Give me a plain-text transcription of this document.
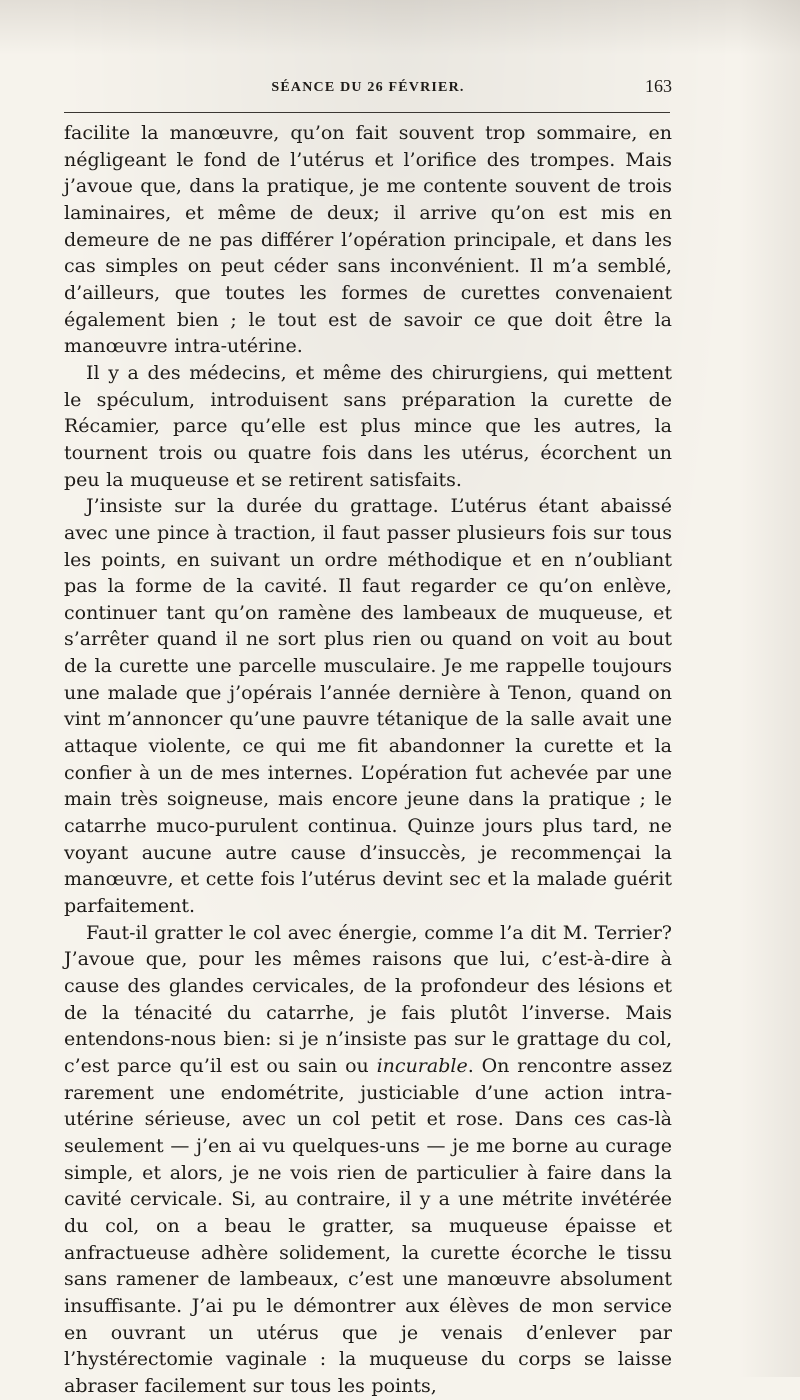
SÉANCE DU 26 FÉVRIER.	163

facilite la manœuvre, qu’on fait souvent trop sommaire, en négligeant le fond de l’utérus et l’orifice des trompes. Mais j’avoue que, dans la pratique, je me contente souvent de trois laminaires, et même de deux; il arrive qu’on est mis en demeure de ne pas différer l’opération principale, et dans les cas simples on peut céder sans inconvénient. Il m’a semblé, d’ailleurs, que toutes les formes de curettes convenaient également bien ; le tout est de savoir ce que doit être la manœuvre intra-utérine.

Il y a des médecins, et même des chirurgiens, qui mettent le spéculum, introduisent sans préparation la curette de Récamier, parce qu’elle est plus mince que les autres, la tournent trois ou quatre fois dans les utérus, écorchent un peu la muqueuse et se retirent satisfaits.

J’insiste sur la durée du grattage. L’utérus étant abaissé avec une pince à traction, il faut passer plusieurs fois sur tous les points, en suivant un ordre méthodique et en n’oubliant pas la forme de la cavité. Il faut regarder ce qu’on enlève, continuer tant qu’on ramène des lambeaux de muqueuse, et s’arrêter quand il ne sort plus rien ou quand on voit au bout de la curette une parcelle musculaire. Je me rappelle toujours une malade que j’opérais l’année dernière à Tenon, quand on vint m’annoncer qu’une pauvre tétanique de la salle avait une attaque violente, ce qui me fit abandonner la curette et la confier à un de mes internes. L’opération fut achevée par une main très soigneuse, mais encore jeune dans la pratique ; le catarrhe muco-purulent continua. Quinze jours plus tard, ne voyant aucune autre cause d’insuccès, je recommençai la manœuvre, et cette fois l’utérus devint sec et la malade guérit parfaitement.

Faut-il gratter le col avec énergie, comme l’a dit M. Terrier? J’avoue que, pour les mêmes raisons que lui, c’est-à-dire à cause des glandes cervicales, de la profondeur des lésions et de la ténacité du catarrhe, je fais plutôt l’inverse. Mais entendons-nous bien: si je n’insiste pas sur le grattage du col, c’est parce qu’il est ou sain ou incurable. On rencontre assez rarement une endométrite, justiciable d’une action intra-utérine sérieuse, avec un col petit et rose. Dans ces cas-là seulement — j’en ai vu quelques-uns — je me borne au curage simple, et alors, je ne vois rien de particulier à faire dans la cavité cervicale. Si, au contraire, il y a une métrite invétérée du col, on a beau le gratter, sa muqueuse épaisse et anfractueuse adhère solidement, la curette écorche le tissu sans ramener de lambeaux, c’est une manœuvre absolument insuffisante. J’ai pu le démontrer aux élèves de mon service en ouvrant un utérus que je venais d’enlever par l’hystérectomie vaginale : la muqueuse du corps se laisse abraser facilement sur tous les points,
